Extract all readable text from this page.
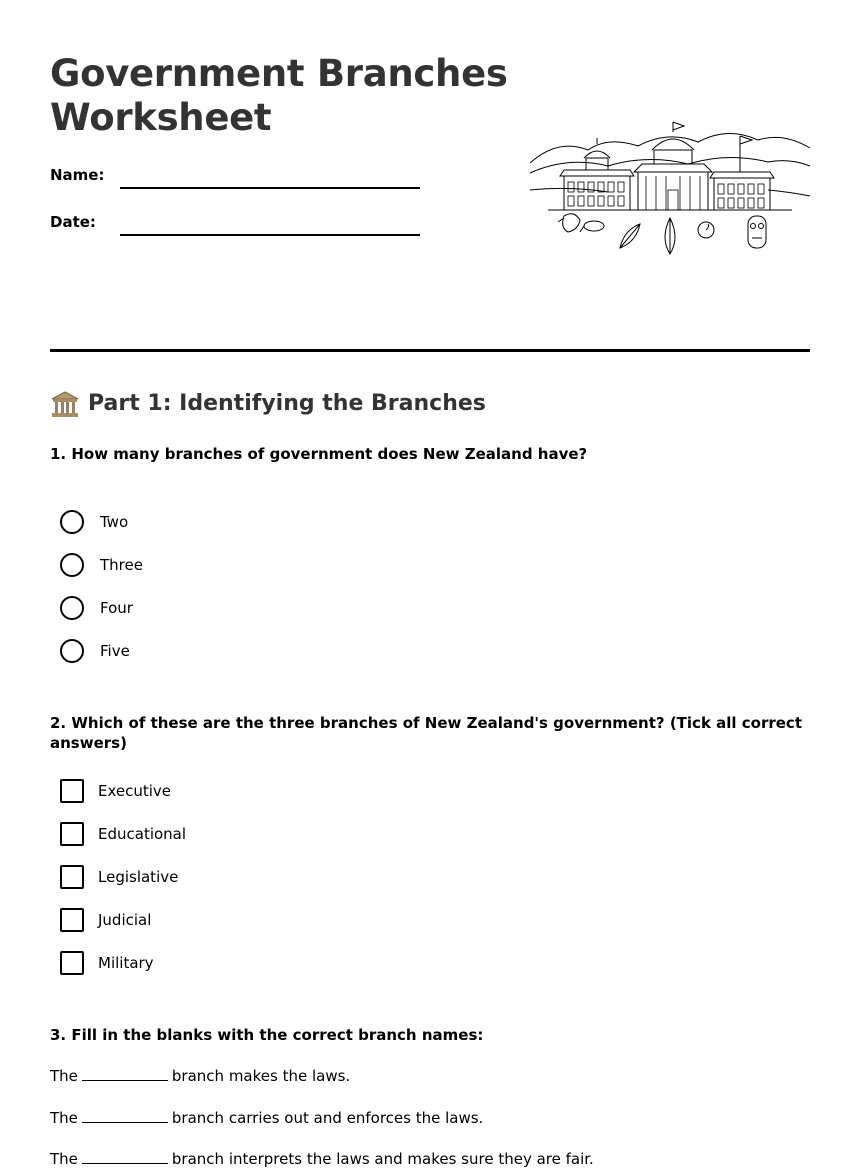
Government Branches
Worksheet
Name:
Date:
Part 1: Identifying the Branches

1. How many branches of government does New Zealand have?

Two
Three
Four
Five

2. Which of these are the three branches of New Zealand's government? (Tick all correct answers)

Executive
Educational
Legislative
Judicial
Military

3. Fill in the blanks with the correct branch names:

The	branch makes the laws.
The	branch carries out and enforces the laws.
The	branch interprets the laws and makes sure they are fair.
